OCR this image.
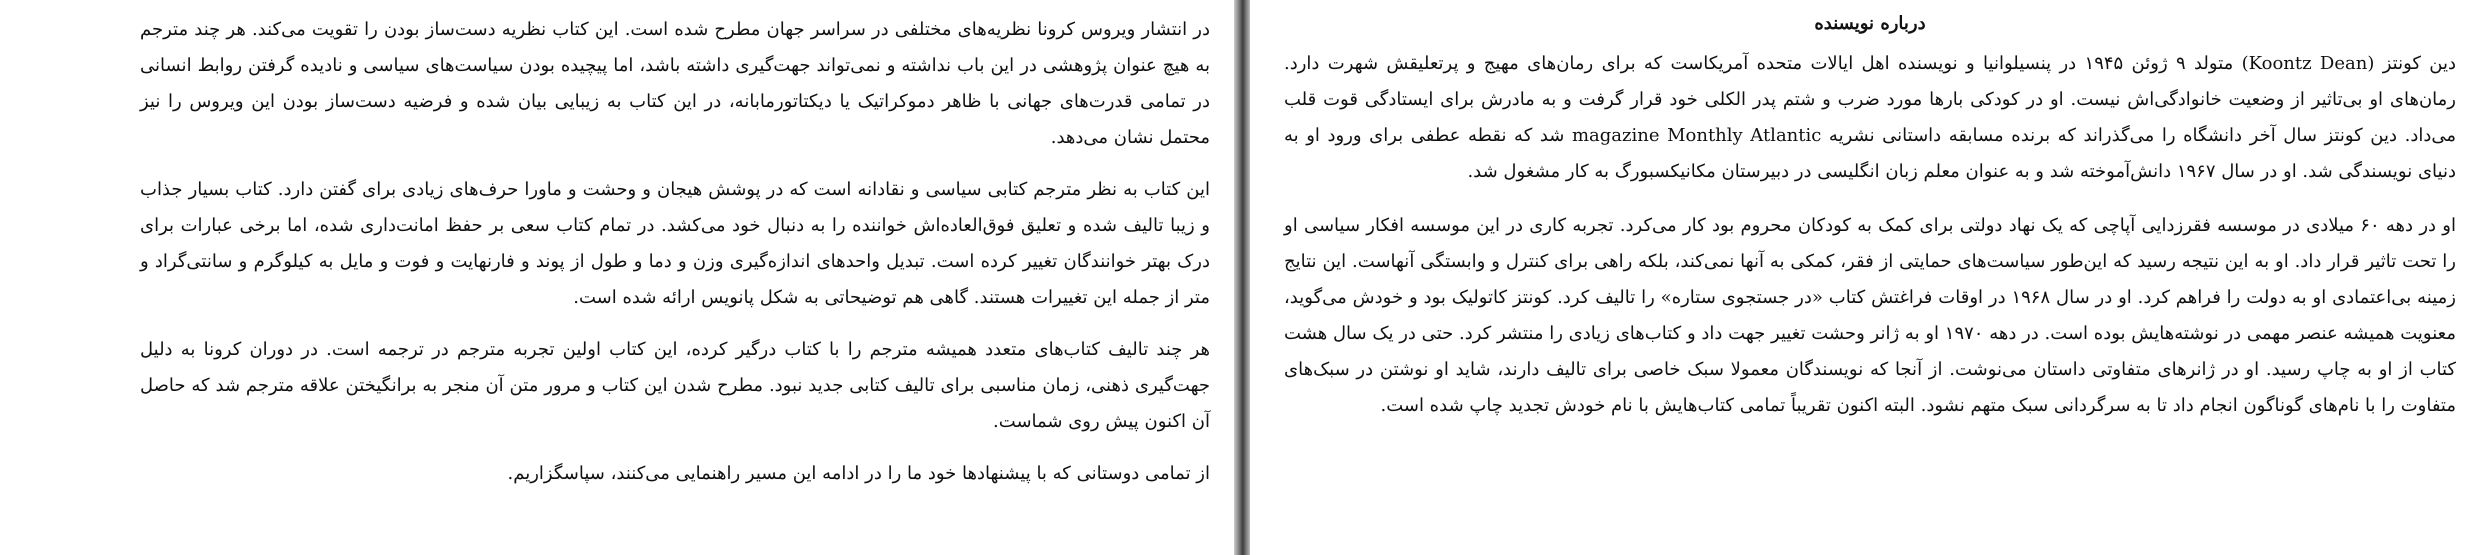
در انتشار ویروس کرونا نظریه‌های مختلفی در سراسر جهان مطرح شده است. این کتاب نظریه دست‌ساز بودن را تقویت می‌کند. هر چند مترجم به هیچ عنوان پژوهشی در این باب نداشته و نمی‌تواند جهت‌گیری داشته باشد، اما پیچیده بودن سیاست‌های سیاسی و نادیده گرفتن روابط انسانی در تمامی قدرت‌های جهانی با ظاهر دموکراتیک یا دیکتاتورمابانه، در این کتاب به زیبایی بیان شده و فرضیه دست‌ساز بودن این ویروس را نیز محتمل نشان می‌دهد.

این کتاب به نظر مترجم کتابی سیاسی و نقادانه است که در پوشش هیجان و وحشت و ماورا حرف‌های زیادی برای گفتن دارد. کتاب بسیار جذاب و زیبا تالیف شده و تعلیق فوق‌العاده‌اش خواننده را به دنبال خود می‌کشد. در تمام کتاب سعی بر حفظ امانت‌داری شده، اما برخی عبارات برای درک بهتر خوانندگان تغییر کرده است. تبدیل واحدهای اندازه‌گیری وزن و دما و طول از پوند و فارنهایت و فوت و مایل به کیلوگرم و سانتی‌گراد و متر از جمله این تغییرات هستند. گاهی هم توضیحاتی به شکل پانویس ارائه شده است.

هر چند تالیف کتاب‌های متعدد همیشه مترجم را با کتاب درگیر کرده، این کتاب اولین تجربه مترجم در ترجمه است. در دوران کرونا به دلیل جهت‌گیری ذهنی، زمان مناسبی برای تالیف کتابی جدید نبود. مطرح شدن این کتاب و مرور متن آن منجر به برانگیختن علاقه مترجم شد که حاصل آن اکنون پیش روی شماست.

از تمامی دوستانی که با پیشنهادها خود ما را در ادامه این مسیر راهنمایی می‌کنند، سپاسگزاریم.

درباره نویسنده

دین کونتز (Koontz Dean) متولد ۹ ژوئن ۱۹۴۵ در پنسیلوانیا و نویسنده اهل ایالات متحده آمریکاست که برای رمان‌های مهیج و پرتعلیقش شهرت دارد. رمان‌های او بی‌تاثیر از وضعیت خانوادگی‌اش نیست. او در کودکی بارها مورد ضرب و شتم پدر الکلی خود قرار گرفت و به مادرش برای ایستادگی قوت قلب می‌داد. دین کونتز سال آخر دانشگاه را می‌گذراند که برنده مسابقه داستانی نشریه magazine Monthly Atlantic شد که نقطه عطفی برای ورود او به دنیای نویسندگی شد. او در سال ۱۹۶۷ دانش‌آموخته شد و به عنوان معلم زبان انگلیسی در دبیرستان مکانیکسبورگ به کار مشغول شد.

او در دهه ۶۰ میلادی در موسسه فقرزدایی آپاچی که یک نهاد دولتی برای کمک به کودکان محروم بود کار می‌کرد. تجربه کاری در این موسسه افکار سیاسی او را تحت تاثیر قرار داد. او به این نتیجه رسید که این‌طور سیاست‌های حمایتی از فقر، کمکی به آنها نمی‌کند، بلکه راهی برای کنترل و وابستگی آنهاست. این نتایج زمینه بی‌اعتمادی او به دولت را فراهم کرد. او در سال ۱۹۶۸ در اوقات فراغتش کتاب «در جستجوی ستاره» را تالیف کرد. کونتز کاتولیک بود و خودش می‌گوید، معنویت همیشه عنصر مهمی در نوشته‌هایش بوده است. در دهه ۱۹۷۰ او به ژانر وحشت تغییر جهت داد و کتاب‌های زیادی را منتشر کرد. حتی در یک سال هشت کتاب از او به چاپ رسید. او در ژانرهای متفاوتی داستان می‌نوشت. از آنجا که نویسندگان معمولا سبک خاصی برای تالیف دارند، شاید او نوشتن در سبک‌های متفاوت را با نام‌های گوناگون انجام داد تا به سرگردانی سبک متهم نشود. البته اکنون تقریباً تمامی کتاب‌هایش با نام خودش تجدید چاپ شده است.
